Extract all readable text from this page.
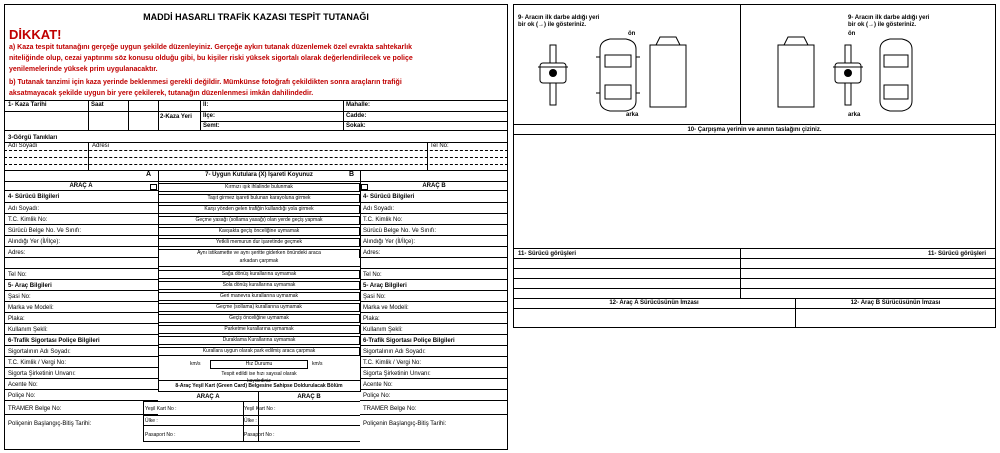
MADDİ HASARLI TRAFİK KAZASI TESPİT TUTANAĞI
DİKKAT!
a) Kaza tespit tutanağını gerçeğe uygun şekilde düzenleyiniz. Gerçeğe aykırı tutanak düzenlemek özel evrakta sahtekarlık
niteliğinde olup, cezai yaptırımı söz konusu olduğu gibi, bu kişiler riski yüksek sigortalı olarak değerlendirilecek ve poliçe
yenilemelerinde yüksek prim uygulanacaktır.
b) Tutanak tanzimi için kaza yerinde beklenmesi gerekli değildir. Mümkünse fotoğrafı çekildikten sonra araçların trafiği
aksatmayacak şekilde uygun bir yere çekilerek, tutanağın düzenlenmesi imkân dahilindedir.
1- Kaza Tarihi	Saat
2-Kaza Yeri
İl:
İlçe:
Semt:
Mahalle:
Cadde:
Sokak:
3-Görgü Tanıkları
Adı Soyadı	Adresi	Tel No:
A	B
7- Uygun Kutulara (X) İşareti Koyunuz
ARAÇ A	ARAÇ B
4- Sürücü Bilgileri
Adı Soyadı:
T.C. Kimlik No:
Sürücü Belge No. Ve Sınıfı:
Alındığı Yer (İl/İlçe):
Adres:
Tel No:
5- Araç Bilgileri
Şasi No:
Marka ve Modeli:
Plaka:
Kullanım Şekli:
6-Trafik Sigortası Poliçe Bilgileri
Sigortalının Adı Soyadı:
T.C. Kimlik / Vergi No:
Sigorta Şirketinin Unvanı:
Acente No:
Poliçe No:
TRAMER Belge No:
Poliçenin Başlangıç-Bitiş Tarihi:
4- Sürücü Bilgileri
Adı Soyadı:
T.C. Kimlik No:
Sürücü Belge No. Ve Sınıfı:
Alındığı Yer (İl/İlçe):
Adres:
Tel No:
5- Araç Bilgileri
Şasi No:
Marka ve Modeli:
Plaka:
Kullanım Şekli:
6-Trafik Sigortası Poliçe Bilgileri
Sigortalının Adı Soyadı:
T.C. Kimlik / Vergi No:
Sigorta Şirketinin Unvanı:
Acente No:
Poliçe No:
TRAMER Belge No:
Poliçenin Başlangıç-Bitiş Tarihi:
Kırmızı ışık ihlalinde bulunmak
Taşıt girmez işareti bulunan karayoluna girmek
Karşı yönden gelen trafiğin kullandığı yola girmek
Geçme yasağı (sollama yasağı) olan yerde geçiş yapmak
Kavşakta geçiş önceliğine uymamak
Yetkili memurun dur işaretinde geçmek
Aynı istikamette ve aynı şeritte giderken önündeki araca
arkadan çarpmak
Sağa dönüş kurallarına uymamak
Sola dönüş kurallarına uymamak
Geri manevra kurallarına uymamak
Geçme (sollama) kurallarına uymamak
Geçiş önceliğine uymamak
Parketme kurallarına uymamak
Duraklama Kurallarına uymamak
Kurallara uygun olarak park edilmiş araca çarpmak
Hız Durumu
km/s	km/s
Tespit edildi ise hızı sayısal olarak
kaydediniz
8-Araç Yeşil Kart (Green Card) Belgesine Sahipse Doldurulacak Bölüm
ARAÇ A	ARAÇ B
Yeşil Kart No :	Yeşil Kart No :
Ülke :	Ülke :
Pasaport No :	Pasaport No :
9- Aracın ilk darbe aldığı yeri
bir ok (→) ile gösteriniz.
ön
arka
9- Aracın ilk darbe aldığı yeri
bir ok (→) ile gösteriniz.
ön
arka
10- Çarpışma yerinin ve anının taslağını çiziniz.
11- Sürücü görüşleri	11- Sürücü görüşleri
12- Araç A Sürücüsünün İmzası	12- Araç B Sürücüsünün İmzası
